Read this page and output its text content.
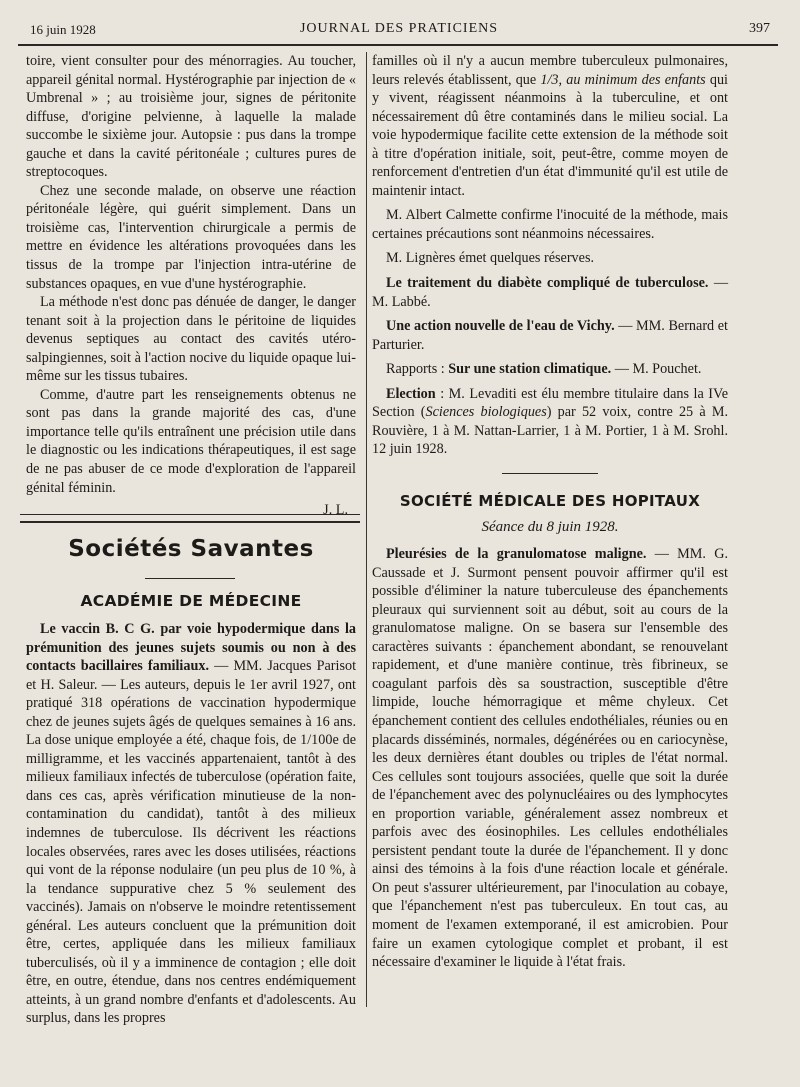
16 juin 1928	JOURNAL DES PRATICIENS	397

toire, vient consulter pour des ménorragies. Au toucher, appareil génital normal. Hystérographie par injection de « Umbrenal » ; au troisième jour, signes de péritonite diffuse, d'origine pelvienne, à laquelle la malade succombe le sixième jour. Autopsie : pus dans la trompe gauche et dans la cavité péritonéale ; cultures pures de streptocoques.

Chez une seconde malade, on observe une réaction péritonéale légère, qui guérit simplement. Dans un troisième cas, l'intervention chirurgicale a permis de mettre en évidence les altérations provoquées dans les tissus de la trompe par l'injection intra-utérine de substances opaques, en vue d'une hystérographie.

La méthode n'est donc pas dénuée de danger, le danger tenant soit à la projection dans le péritoine de liquides devenus septiques au contact des cavités utéro-salpingiennes, soit à l'action nocive du liquide opaque lui-même sur les tissus tubaires.

Comme, d'autre part les renseignements obtenus ne sont pas dans la grande majorité des cas, d'une importance telle qu'ils entraînent une précision utile dans le diagnostic ou les indications thérapeutiques, il est sage de ne pas abuser de ce mode d'exploration de l'appareil génital féminin.

J. L.

Sociétés Savantes
ACADÉMIE DE MÉDECINE

Le vaccin B. C G. par voie hypodermique dans la prémunition des jeunes sujets soumis ou non à des contacts bacillaires familiaux. — MM. Jacques Parisot et H. Saleur. — Les auteurs, depuis le 1er avril 1927, ont pratiqué 318 opérations de vaccination hypodermique chez de jeunes sujets âgés de quelques semaines à 16 ans. La dose unique employée a été, chaque fois, de 1/100e de milligramme, et les vaccinés appartenaient, tantôt à des milieux familiaux infectés de tuberculose (opération faite, dans ces cas, après vérification minutieuse de la non-contamination du candidat), tantôt à des milieux indemnes de tuberculose. Ils décrivent les réactions locales observées, rares avec les doses utilisées, réactions qui vont de la réponse nodulaire (un peu plus de 10 %, à la tendance suppurative chez 5 % seulement des vaccinés). Jamais on n'observe le moindre retentissement général. Les auteurs concluent que la prémunition doit être, certes, appliquée dans les milieux familiaux tuberculisés, où il y a imminence de contagion ; elle doit être, en outre, étendue, dans nos centres endémiquement atteints, à un grand nombre d'enfants et d'adolescents. Au surplus, dans les propres

familles où il n'y a aucun membre tuberculeux pulmonaires, leurs relevés établissent, que 1/3, au minimum des enfants qui y vivent, réagissent néanmoins à la tuberculine, et ont nécessairement dû être contaminés dans le milieu social. La voie hypodermique facilite cette extension de la méthode soit à titre d'opération initiale, soit, peut-être, comme moyen de renforcement d'entretien d'un état d'immunité qu'il est utile de maintenir intact.

M. Albert Calmette confirme l'inocuité de la méthode, mais certaines précautions sont néanmoins nécessaires.

M. Lignères émet quelques réserves.

Le traitement du diabète compliqué de tuberculose. — M. Labbé.

Une action nouvelle de l'eau de Vichy. — MM. Bernard et Parturier.

Rapports : Sur une station climatique. — M. Pouchet.

Election : M. Levaditi est élu membre titulaire dans la IVe Section (Sciences biologiques) par 52 voix, contre 25 à M. Rouvière, 1 à M. Nattan-Larrier, 1 à M. Portier, 1 à M. Srohl. 12 juin 1928.

SOCIÉTÉ MÉDICALE DES HOPITAUX

Séance du 8 juin 1928.

Pleurésies de la granulomatose maligne. — MM. G. Caussade et J. Surmont pensent pouvoir affirmer qu'il est possible d'éliminer la nature tuberculeuse des épanchements pleuraux qui surviennent soit au début, soit au cours de la granulomatose maligne. On se basera sur l'ensemble des caractères suivants : épanchement abondant, se renouvelant rapidement, et d'une manière continue, très fibrineux, se coagulant parfois dès sa soustraction, susceptible d'être limpide, louche hémorragique et même chyleux. Cet épanchement contient des cellules endothéliales, réunies ou en placards disséminés, normales, dégénérées ou en cariocynèse, les deux dernières étant doubles ou triples de l'état normal. Ces cellules sont toujours associées, quelle que soit la durée de l'épanchement avec des polynucléaires ou des lymphocytes en proportion variable, généralement assez nombreux et parfois avec des éosinophiles. Les cellules endothéliales persistent pendant toute la durée de l'épanchement. Il y donc ainsi des témoins à la fois d'une réaction locale et générale. On peut s'assurer ultérieurement, par l'inoculation au cobaye, que l'épanchement n'est pas tuberculeux. En tout cas, au moment de l'examen extemporané, il est amicrobien. Pour faire un examen cytologique complet et probant, il est nécessaire d'examiner le liquide à l'état frais.
